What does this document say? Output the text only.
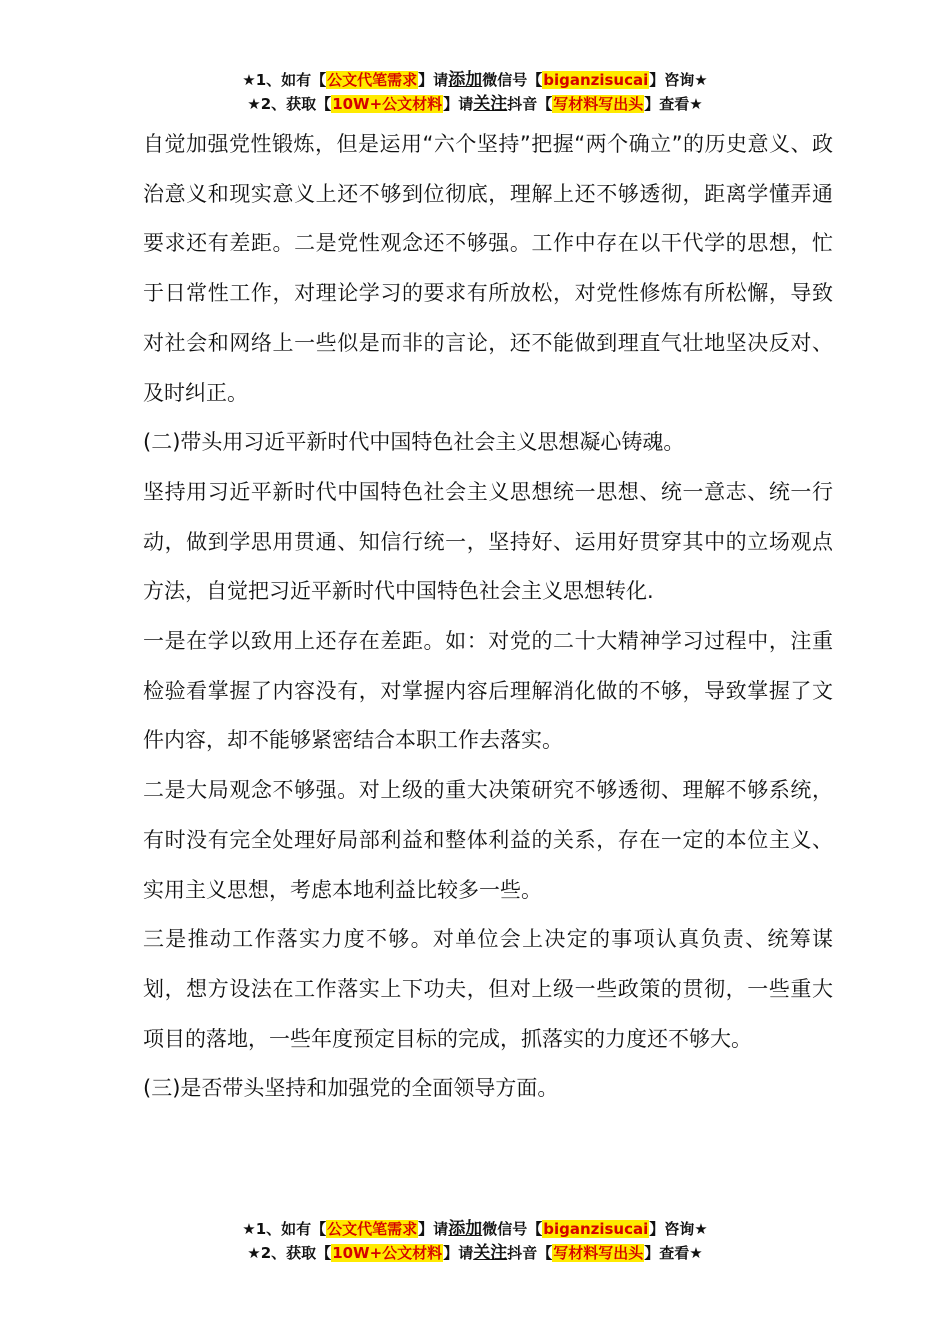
★1、如有【公文代笔需求】请添加微信号【biganzisucai】咨询★
★2、获取【10W+公文材料】请关注抖音【写材料写出头】查看★

自觉加强党性锻炼，但是运用“六个坚持”把握“两个确立”的历史意义、政治意义和现实意义上还不够到位彻底，理解上还不够透彻，距离学懂弄通要求还有差距。二是党性观念还不够强。工作中存在以干代学的思想，忙于日常性工作，对理论学习的要求有所放松，对党性修炼有所松懈，导致对社会和网络上一些似是而非的言论，还不能做到理直气壮地坚决反对、及时纠正。

(二)带头用习近平新时代中国特色社会主义思想凝心铸魂。

坚持用习近平新时代中国特色社会主义思想统一思想、统一意志、统一行动，做到学思用贯通、知信行统一，坚持好、运用好贯穿其中的立场观点方法，自觉把习近平新时代中国特色社会主义思想转化.

一是在学以致用上还存在差距。如：对党的二十大精神学习过程中，注重检验看掌握了内容没有，对掌握内容后理解消化做的不够，导致掌握了文件内容，却不能够紧密结合本职工作去落实。

二是大局观念不够强。对上级的重大决策研究不够透彻、理解不够系统，有时没有完全处理好局部利益和整体利益的关系，存在一定的本位主义、实用主义思想，考虑本地利益比较多一些。

三是推动工作落实力度不够。对单位会上决定的事项认真负责、统筹谋划，想方设法在工作落实上下功夫，但对上级一些政策的贯彻，一些重大项目的落地，一些年度预定目标的完成，抓落实的力度还不够大。

(三)是否带头坚持和加强党的全面领导方面。

★1、如有【公文代笔需求】请添加微信号【biganzisucai】咨询★
★2、获取【10W+公文材料】请关注抖音【写材料写出头】查看★
